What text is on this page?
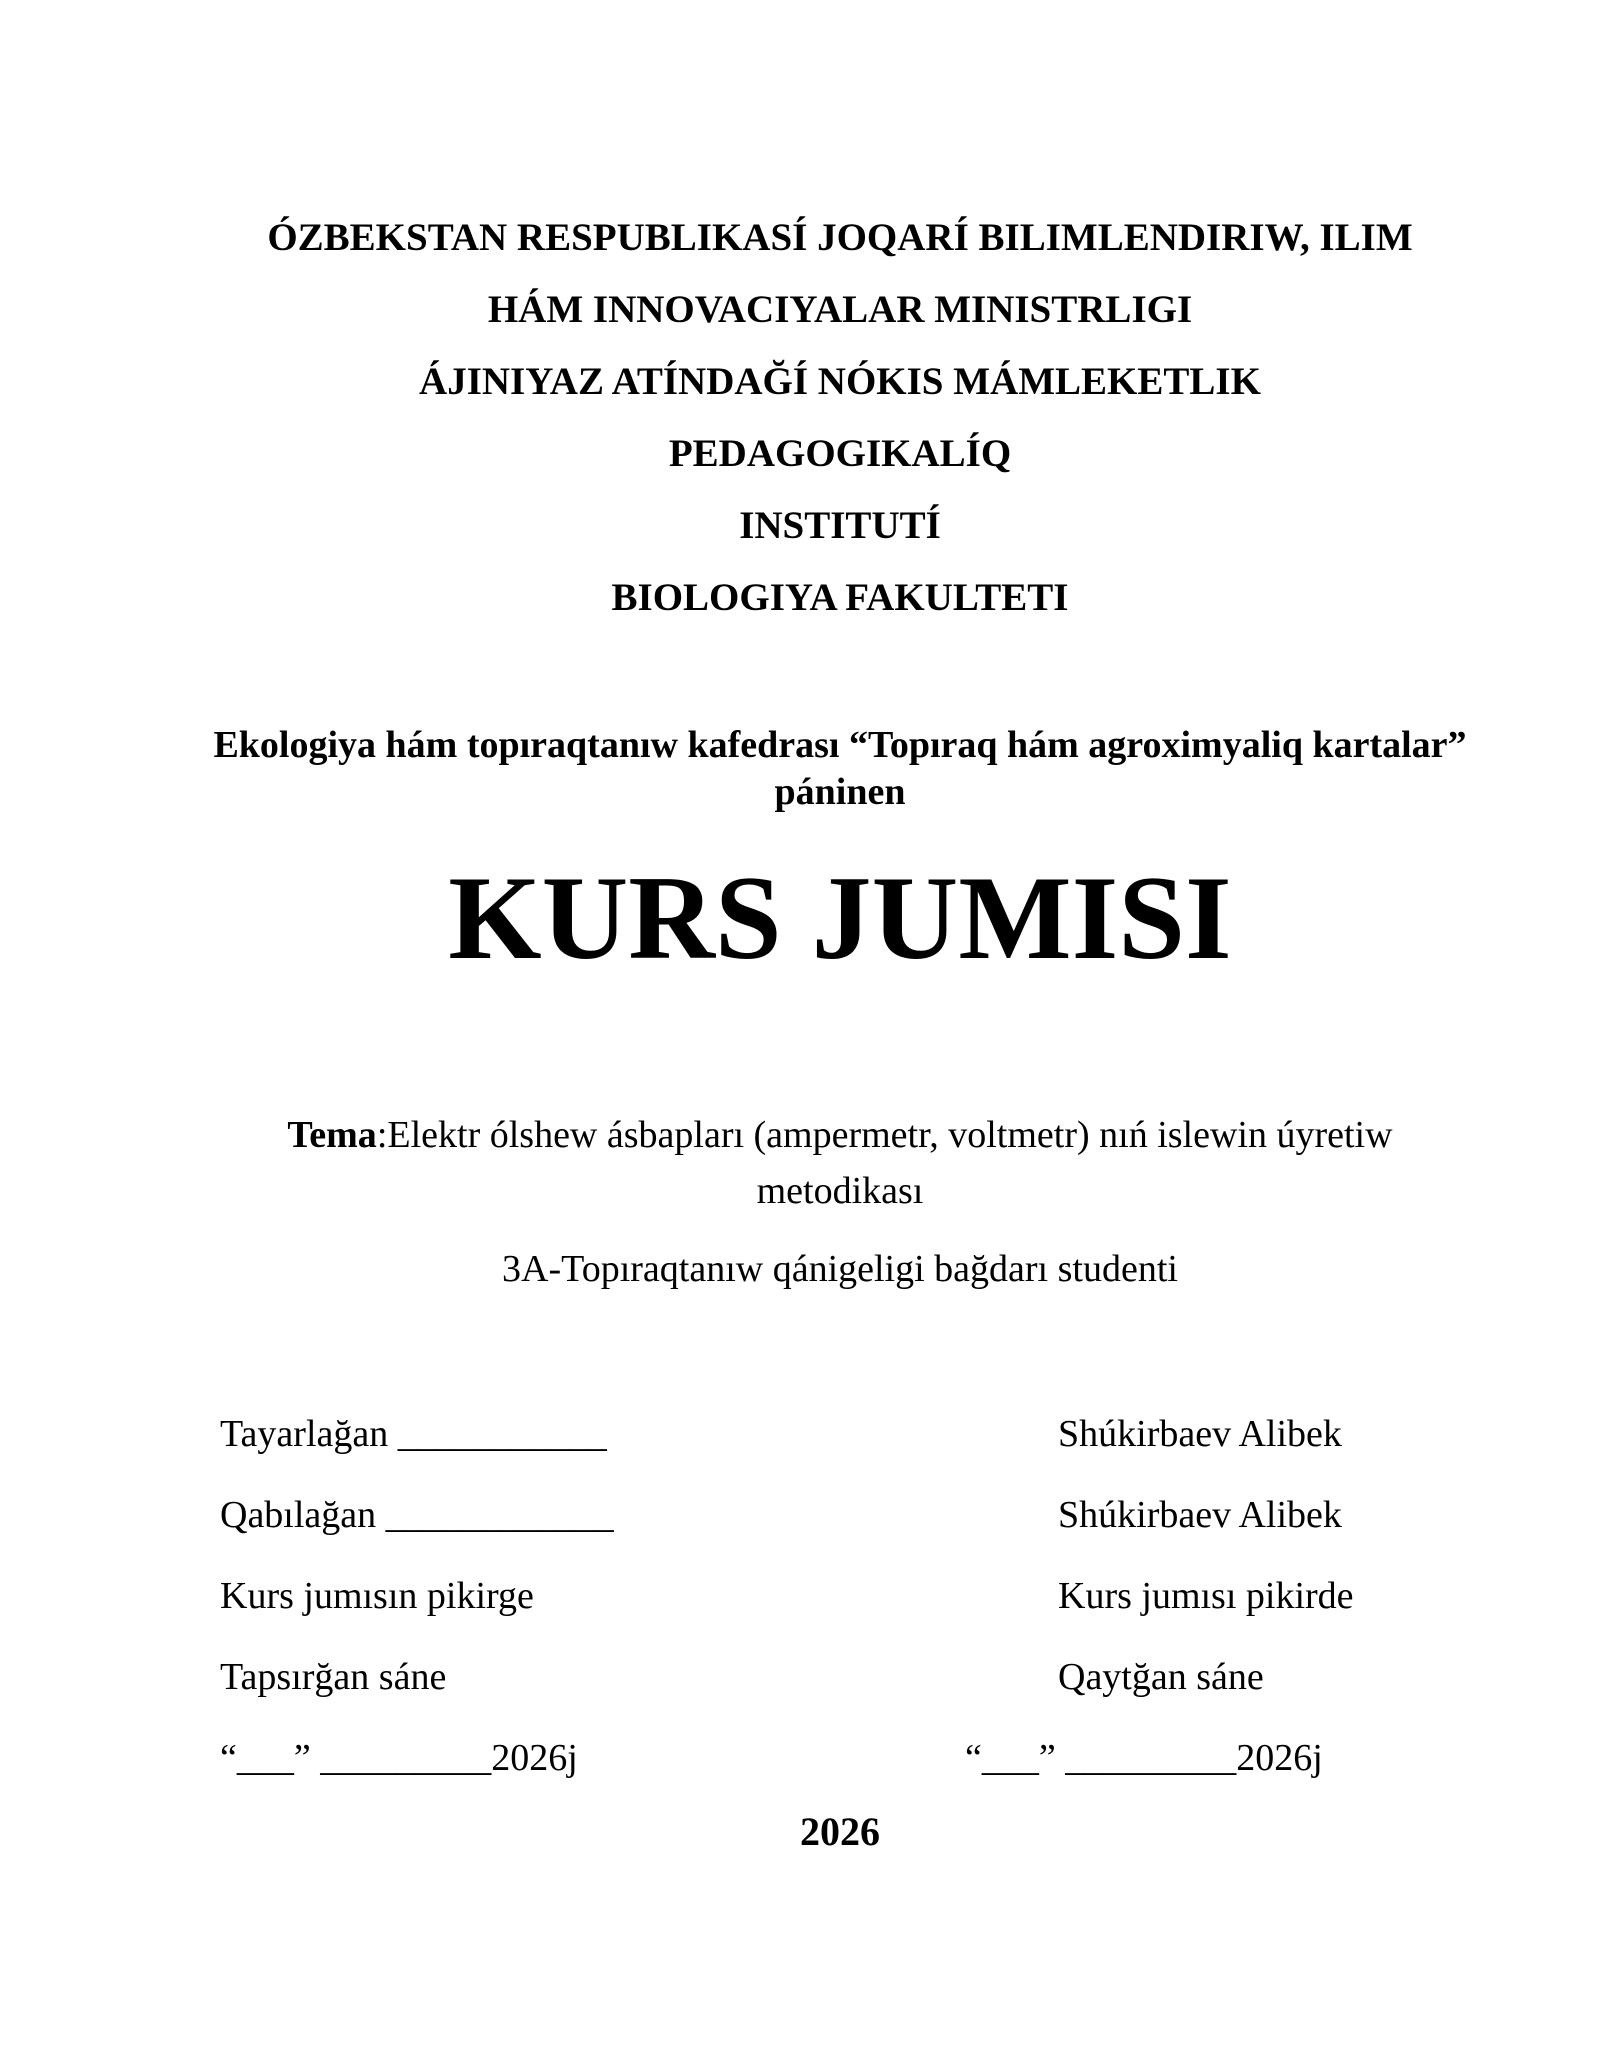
ÓZBEKSTAN RESPUBLIKASÍ JOQARÍ BILIMLENDIRIW, ILIM
HÁM INNOVACIYALAR MINISTRLIGI
ÁJINIYAZ ATÍNDAĞÍ NÓKIS MÁMLEKETLIK
PEDAGOGIKALÍQ
INSTITUTÍ
BIOLOGIYA FAKULTETI
Ekologiya hám topıraqtanıw kafedrası “Topıraq hám agroximyaliq kartalar” páninen
KURS JUMISI
Tema:Elektr ólshew ásbapları (ampermetr, voltmetr) nıń islewin úyretiw metodikası
3A-Topıraqtanıw qánigeligi bağdarı studenti
Tayarlağan ___________	Shúkirbaev Alibek
Qabılağan ____________	Shúkirbaev Alibek
Kurs jumısın pikirge	Kurs jumısı pikirde
Tapsırğan sáne	Qaytğan sáne
“___” _________2026j	“___” _________2026j
2026
